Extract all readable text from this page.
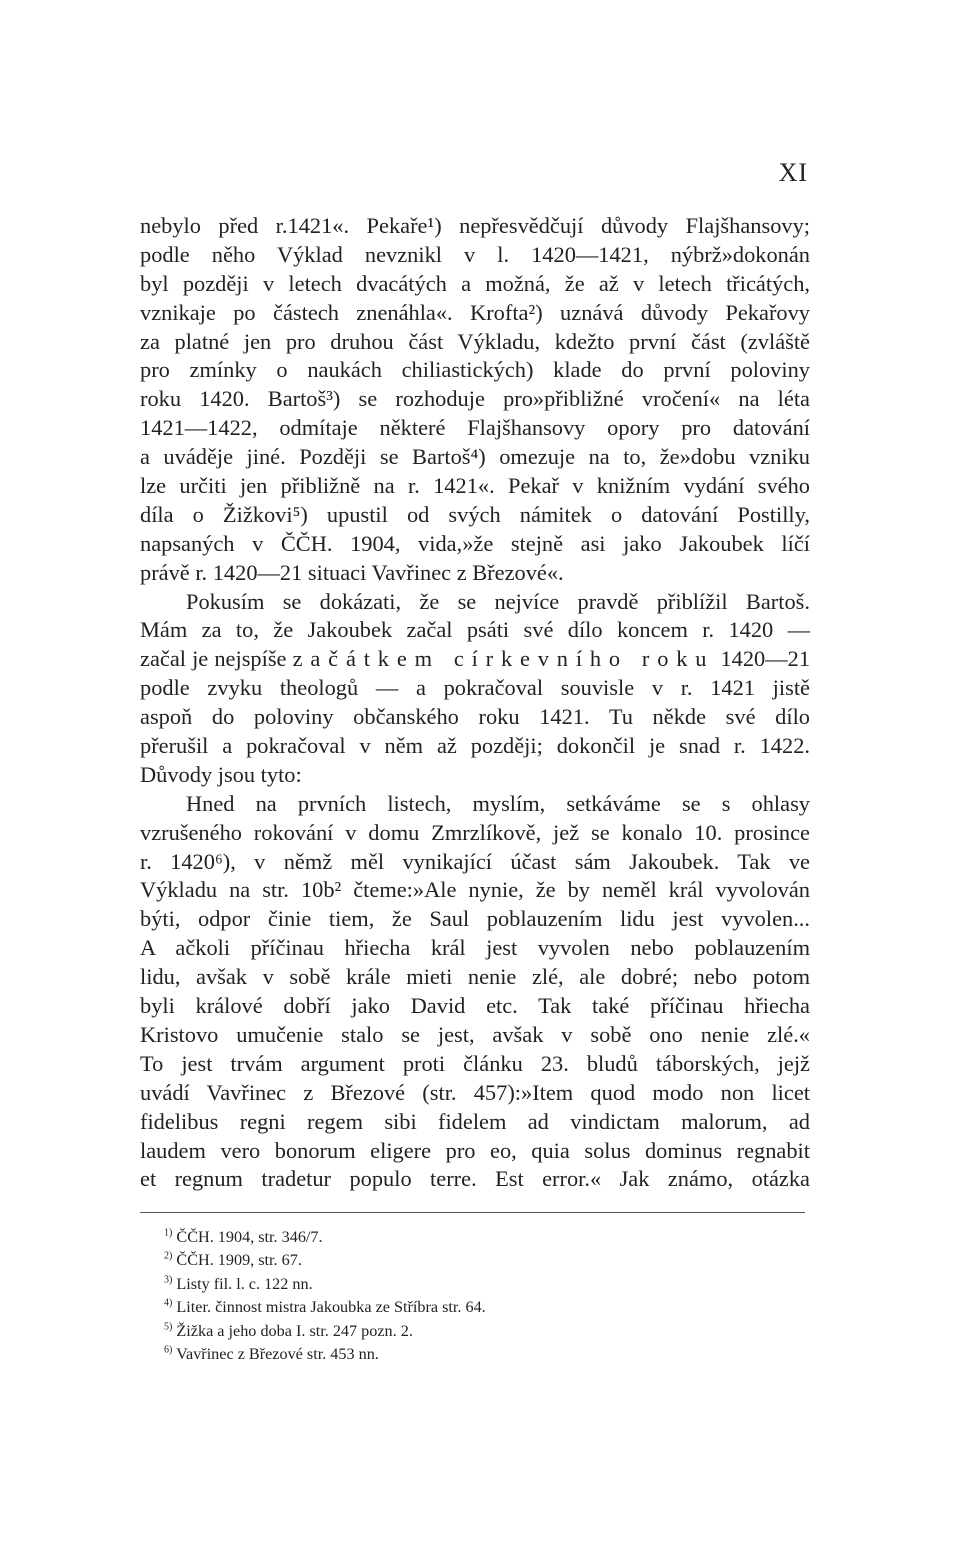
XI
nebylo před r.1421«. Pekaře¹) nepřesvědčují důvody Flajšhansovy;
podle něho Výklad nevznikl v l. 1420—1421, nýbrž»dokonán
byl později v letech dvacátých a možná, že až v letech třicátých,
vznikaje po částech znenáhla«. Krofta²) uznává důvody Pekařovy
za platné jen pro druhou část Výkladu, kdežto první část (zvláště
pro zmínky o naukách chiliastických) klade do první poloviny
roku 1420. Bartoš³) se rozhoduje pro»přibližné vročení« na léta
1421—1422, odmítaje některé Flajšhansovy opory pro datování
a uváděje jiné. Později se Bartoš⁴) omezuje na to, že»dobu vzniku
lze určiti jen přibližně na r. 1421«. Pekař v knižním vydání svého
díla o Žižkovi⁵) upustil od svých námitek o datování Postilly,
napsaných v ČČH. 1904, vida,»že stejně asi jako Jakoubek líčí
právě r. 1420—21 situaci Vavřinec z Březové«.
Pokusím se dokázati, že se nejvíce pravdě přiblížil Bartoš.
Mám za to, že Jakoubek začal psáti své dílo koncem r. 1420 —
začal je nejspíše začátkem církevního roku 1420—21
podle zvyku theologů — a pokračoval souvisle v r. 1421 jistě
aspoň do polovіny občanského roku 1421. Tu někde své dílo
přerušil a pokračoval v něm až později; dokončil je snad r. 1422.
Důvody jsou tyto:
Hned na prvních listech, myslím, setkáváme se s ohlasy
vzrušeného rokování v domu Zmrzlíkově, jež se konalo 10. prosince
r. 1420⁶), v němž měl vynikající účast sám Jakoubek. Tak ve
Výkladu na str. 10b² čteme:»Ale nynie, že by neměl král vyvolován
býti, odpor činie tiem, že Saul poblauzením lidu jest vyvolen...
A ačkoli příčinau hřiecha král jest vyvolen nebo poblauzením
lidu, avšak v sobě krále mieti nenie zlé, ale dobré; nebo potom
byli králové dobří jako David etc. Tak také příčinau hřiecha
Kristovo umučenie stalo se jest, avšak v sobě ono nenie zlé.«
To jest trvám argument proti článku 23. bludů táborských, jejž
uvádí Vavřinec z Březové (str. 457):»Item quod modo non licet
fidelibus regni regem sibi fidelem ad vindictam malorum, ad
laudem vero bonorum eligere pro eo, quia solus dominus regnabit
et regnum tradetur populo terre. Est error.« Jak známo, otázka
$^{1)}$ ČČH. 1904, str. 346/7.
$^{2)}$ ČČH. 1909, str. 67.
$^{3)}$ Listy fil. l. c. 122 nn.
$^{4)}$ Liter. činnost mistra Jakoubka ze Stříbra str. 64.
$^{5)}$ Žižka a jeho doba I. str. 247 pozn. 2.
$^{6)}$ Vavřinec z Březové str. 453 nn.
